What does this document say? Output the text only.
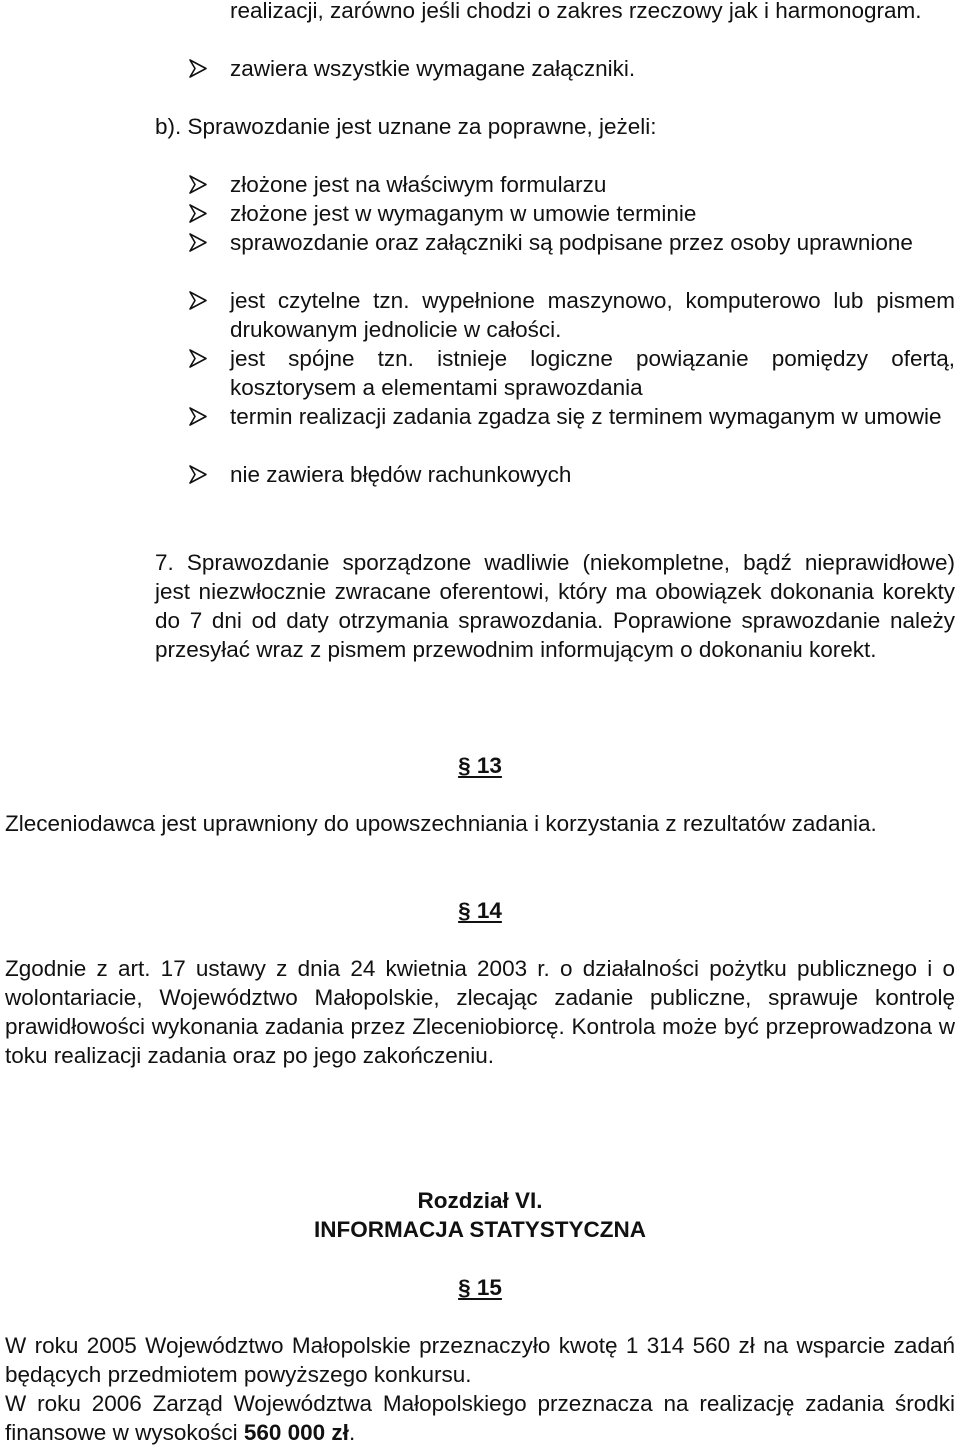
realizacji, zarówno jeśli chodzi o zakres rzeczowy jak i harmonogram.
zawiera wszystkie wymagane załączniki.
b). Sprawozdanie jest uznane za poprawne, jeżeli:
złożone jest na właściwym formularzu
złożone jest w wymaganym w umowie terminie
sprawozdanie oraz załączniki są podpisane przez osoby uprawnione
jest czytelne tzn. wypełnione maszynowo, komputerowo lub pismem drukowanym jednolicie w całości.
jest spójne tzn. istnieje logiczne powiązanie pomiędzy ofertą, kosztorysem a elementami sprawozdania
termin realizacji zadania zgadza się z terminem wymaganym w umowie
nie zawiera błędów rachunkowych
7. Sprawozdanie sporządzone wadliwie (niekompletne, bądź nieprawidłowe) jest niezwłocznie zwracane oferentowi, który ma obowiązek dokonania korekty do 7 dni od daty otrzymania sprawozdania. Poprawione sprawozdanie należy przesyłać wraz z pismem przewodnim informującym o dokonaniu korekt.
§ 13
Zleceniodawca jest uprawniony do upowszechniania i korzystania z rezultatów zadania.
§ 14
Zgodnie z art. 17 ustawy z dnia 24 kwietnia 2003 r. o działalności pożytku publicznego i o wolontariacie, Województwo Małopolskie, zlecając zadanie publiczne, sprawuje kontrolę prawidłowości wykonania zadania przez Zleceniobiorcę. Kontrola może być przeprowadzona w toku realizacji zadania oraz po jego zakończeniu.
Rozdział VI.
INFORMACJA STATYSTYCZNA
§ 15
W roku 2005 Województwo Małopolskie przeznaczyło kwotę 1 314 560 zł na wsparcie zadań będących przedmiotem powyższego konkursu.
W roku 2006 Zarząd Województwa Małopolskiego przeznacza na realizację zadania środki finansowe w wysokości 560 000 zł.
